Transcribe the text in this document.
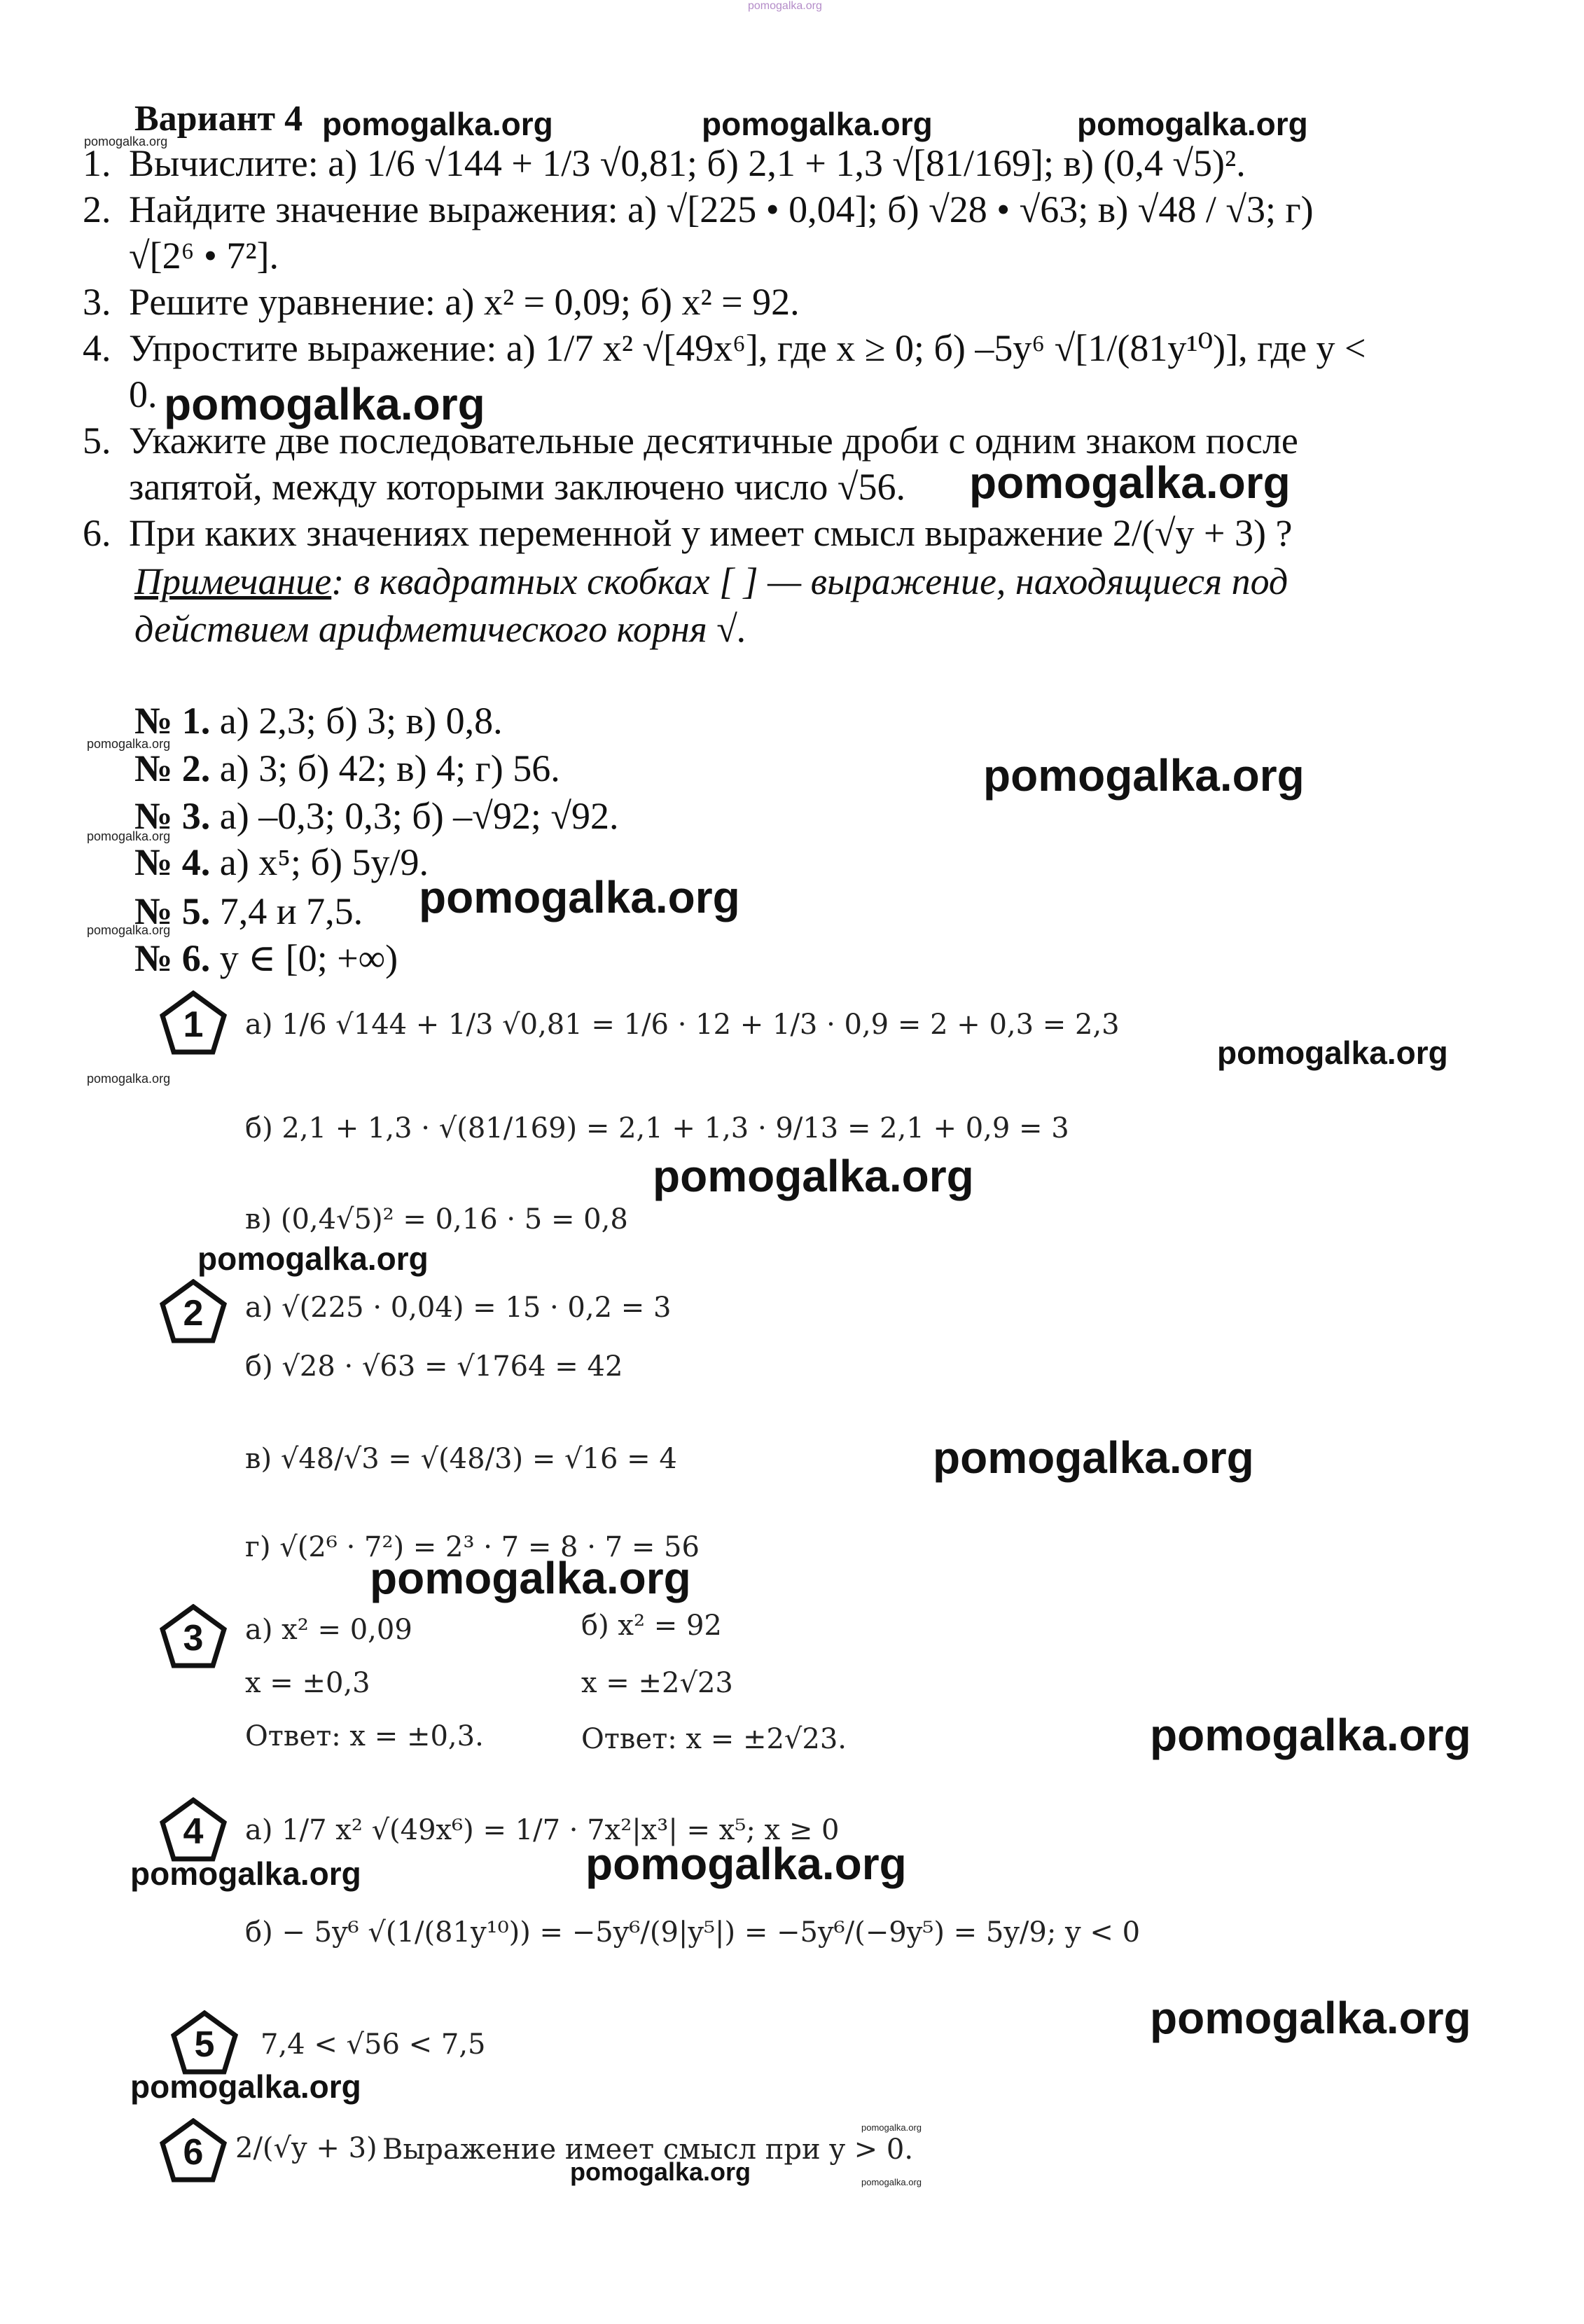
pomogalka.org
Вариант 4 pomogalka.org	pomogalka.org	pomogalka.org
pomogalka.org
1. Вычислите: а) 1/6 √144 + 1/3 √0,81; б) 2,1 + 1,3 √[81/169]; в) (0,4 √5)².
2. Найдите значение выражения: а) √[225 • 0,04]; б) √28 • √63; в) √48 / √3; г)
√[2⁶ • 7²].
3. Решите уравнение: а) x² = 0,09; б) x² = 92.
4. Упростите выражение: а) 1/7 x² √[49x⁶], где x ≥ 0; б) –5y⁶ √[1/(81y¹⁰)], где y <
0.
5. Укажите две последовательные десятичные дроби с одним знаком после
запятой, между которыми заключено число √56.
6. При каких значениях переменной y имеет смысл выражение 2/(√y + 3) ?
pomogalka.org
pomogalka.org
Примечание: в квадратных скобках [ ] — выражение, находящиеся под
действием арифметического корня √.
№ 1. а) 2,3; б) 3; в) 0,8.
pomogalka.org
№ 2. а) 3; б) 42; в) 4; г) 56.	pomogalka.org
№ 3. а) –0,3; 0,3; б) –√92; √92.
pomogalka.org
№ 4. а) x⁵; б) 5y/9.
№ 5. 7,4 и 7,5. pomogalka.org
pomogalka.org
№ 6. y ∈ [0; +∞)
1
2
3
4
5
6
а) 1/6 √144 + 1/3 √0,81 = 1/6 · 12 + 1/3 · 0,9 = 2 + 0,3 = 2,3
pomogalka.org
pomogalka.org
б) 2,1 + 1,3 · √(81/169) = 2,1 + 1,3 · 9/13 = 2,1 + 0,9 = 3
pomogalka.org
в) (0,4√5)² = 0,16 · 5 = 0,8
pomogalka.org
а) √(225 · 0,04) = 15 · 0,2 = 3
б) √28 · √63 = √1764 = 42
в) √48/√3 = √(48/3) = √16 = 4	pomogalka.org
г) √(2⁶ · 7²) = 2³ · 7 = 8 · 7 = 56
pomogalka.org
а) x² = 0,09
x = ±0,3
Ответ: x = ±0,3.
б) x² = 92
x = ±2√23
Ответ: x = ±2√23.	pomogalka.org
а) 1/7 x² √(49x⁶) = 1/7 · 7x²|x³| = x⁵; x ≥ 0
pomogalka.org	pomogalka.org
б) − 5y⁶ √(1/(81y¹⁰)) = −5y⁶/(9|y⁵|) = −5y⁶/(−9y⁵) = 5y/9; y < 0
7,4 < √56 < 7,5
pomogalka.org
pomogalka.org
2/(√y + 3) Выражение имеет смысл при y > 0.
pomogalka.org
pomogalka.org	pomogalka.org
